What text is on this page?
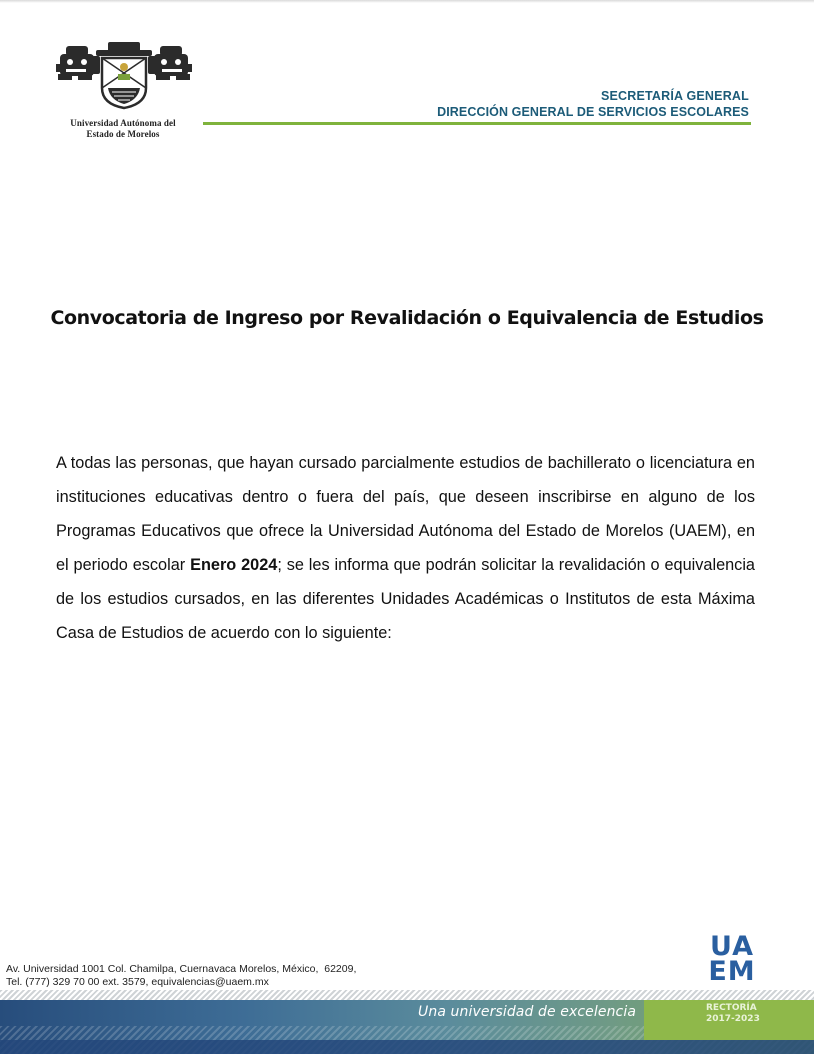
Universidad Autónoma del
Estado de Morelos
SECRETARÍA GENERAL
DIRECCIÓN GENERAL DE SERVICIOS ESCOLARES
Convocatoria de Ingreso por Revalidación o Equivalencia de Estudios

A todas las personas, que hayan cursado parcialmente estudios de bachillerato o licenciatura en instituciones educativas dentro o fuera del país, que deseen inscribirse en alguno de los Programas Educativos que ofrece la Universidad Autónoma del Estado de Morelos (UAEM), en el periodo escolar Enero 2024; se les informa que podrán solicitar la revalidación o equivalencia de los estudios cursados, en las diferentes Unidades Académicas o Institutos de esta Máxima Casa de Estudios de acuerdo con lo siguiente:

Av. Universidad 1001 Col. Chamilpa, Cuernavaca Morelos, México,  62209,
Tel. (777) 329 70 00 ext. 3579, equivalencias@uaem.mx
UA
EM
Una universidad de excelencia	RECTORÍA
2017-2023
